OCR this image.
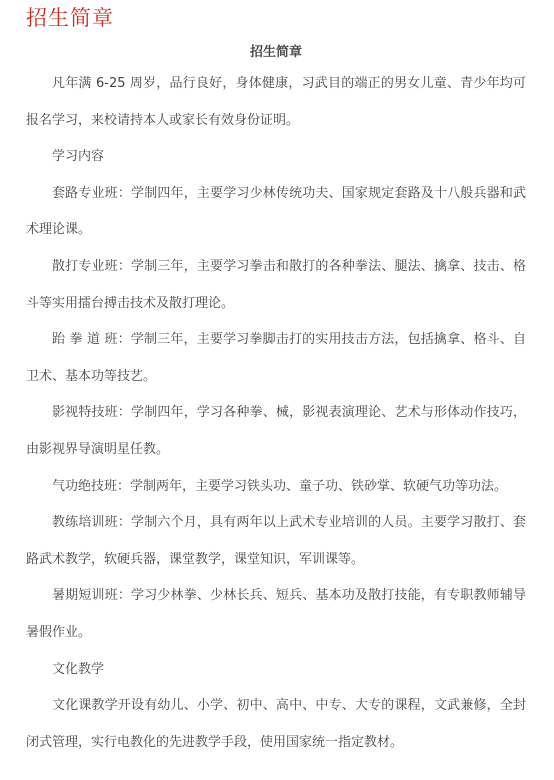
招生简章
招生简章

凡年满 6-25 周岁，品行良好，身体健康，习武目的端正的男女儿童、青少年均可报名学习，来校请持本人或家长有效身份证明。

学习内容

套路专业班：学制四年，主要学习少林传统功夫、国家规定套路及十八般兵器和武术理论课。

散打专业班：学制三年，主要学习拳击和散打的各种拳法、腿法、擒拿、技击、格斗等实用擂台搏击技术及散打理论。

跆 拳 道 班：学制三年，主要学习拳脚击打的实用技击方法，包括擒拿、格斗、自卫术、基本功等技艺。

影视特技班：学制四年，学习各种拳、械，影视表演理论、艺术与形体动作技巧，由影视界导演明星任教。

气功绝技班：学制两年，主要学习铁头功、童子功、铁砂掌、软硬气功等功法。

教练培训班：学制六个月，具有两年以上武术专业培训的人员。主要学习散打、套路武术教学，软硬兵器，课堂教学，课堂知识，军训课等。

暑期短训班：学习少林拳、少林长兵、短兵、基本功及散打技能，有专职教师辅导暑假作业。

文化教学

文化课教学开设有幼儿、小学、初中、高中、中专、大专的课程，文武兼修，全封闭式管理，实行电教化的先进教学手段，使用国家统一指定教材。
